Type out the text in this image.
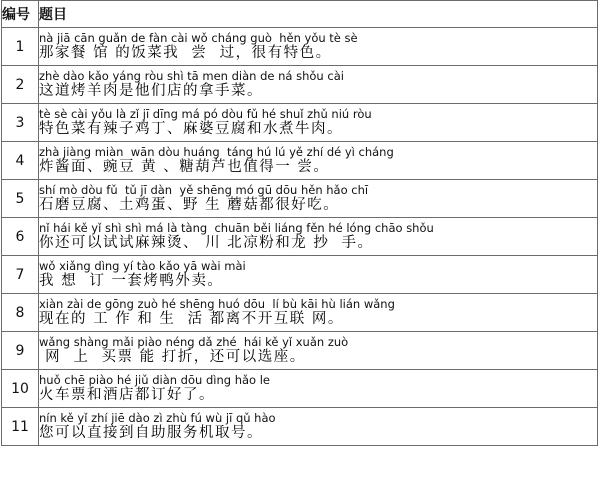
编号	题目
1	nà jiā cān guǎn de fàn cài wǒ cháng guò  hěn yǒu tè sè
那家餐 馆 的饭菜我  尝  过，很有特色。

2	zhè dào kǎo yáng ròu shì tā men diàn de ná shǒu cài
这道烤羊肉是他们店的拿手菜。

3	tè sè cài yǒu là zǐ jī dīng má pó dòu fǔ hé shuǐ zhǔ niú ròu
特色菜有辣子鸡丁、麻婆豆腐和水煮牛肉。

4	zhà jiàng miàn  wān dòu huáng  táng hú lú yě zhí dé yì cháng
炸酱面、豌豆 黄 、糖葫芦也值得一 尝。

5	shí mò dòu fǔ  tǔ jī dàn  yě shēng mó gū dōu hěn hǎo chī
石磨豆腐、土鸡蛋、野 生 蘑菇都很好吃。

6	nǐ hái kě yǐ shì shì má là tàng  chuān běi liáng fěn hé lóng chāo shǒu
你还可以试试麻辣烫、 川 北凉粉和龙 抄  手。

7	wǒ xiǎng dìng yí tào kǎo yā wài mài
我 想  订 一套烤鸭外卖。

8	xiàn zài de gōng zuò hé shēng huó dōu  lí bù kāi hù lián wǎng
现在的 工 作 和 生  活 都离不开互联 网。

9	wǎng shàng mǎi piào néng dǎ zhé  hái kě yǐ xuǎn zuò
网  上  买票 能 打折，还可以选座。

10	huǒ chē piào hé jiǔ diàn dōu dìng hǎo le
火车票和酒店都订好了。

11	nín kě yǐ zhí jiē dào zì zhù fú wù jī qǔ hào
您可以直接到自助服务机取号。
